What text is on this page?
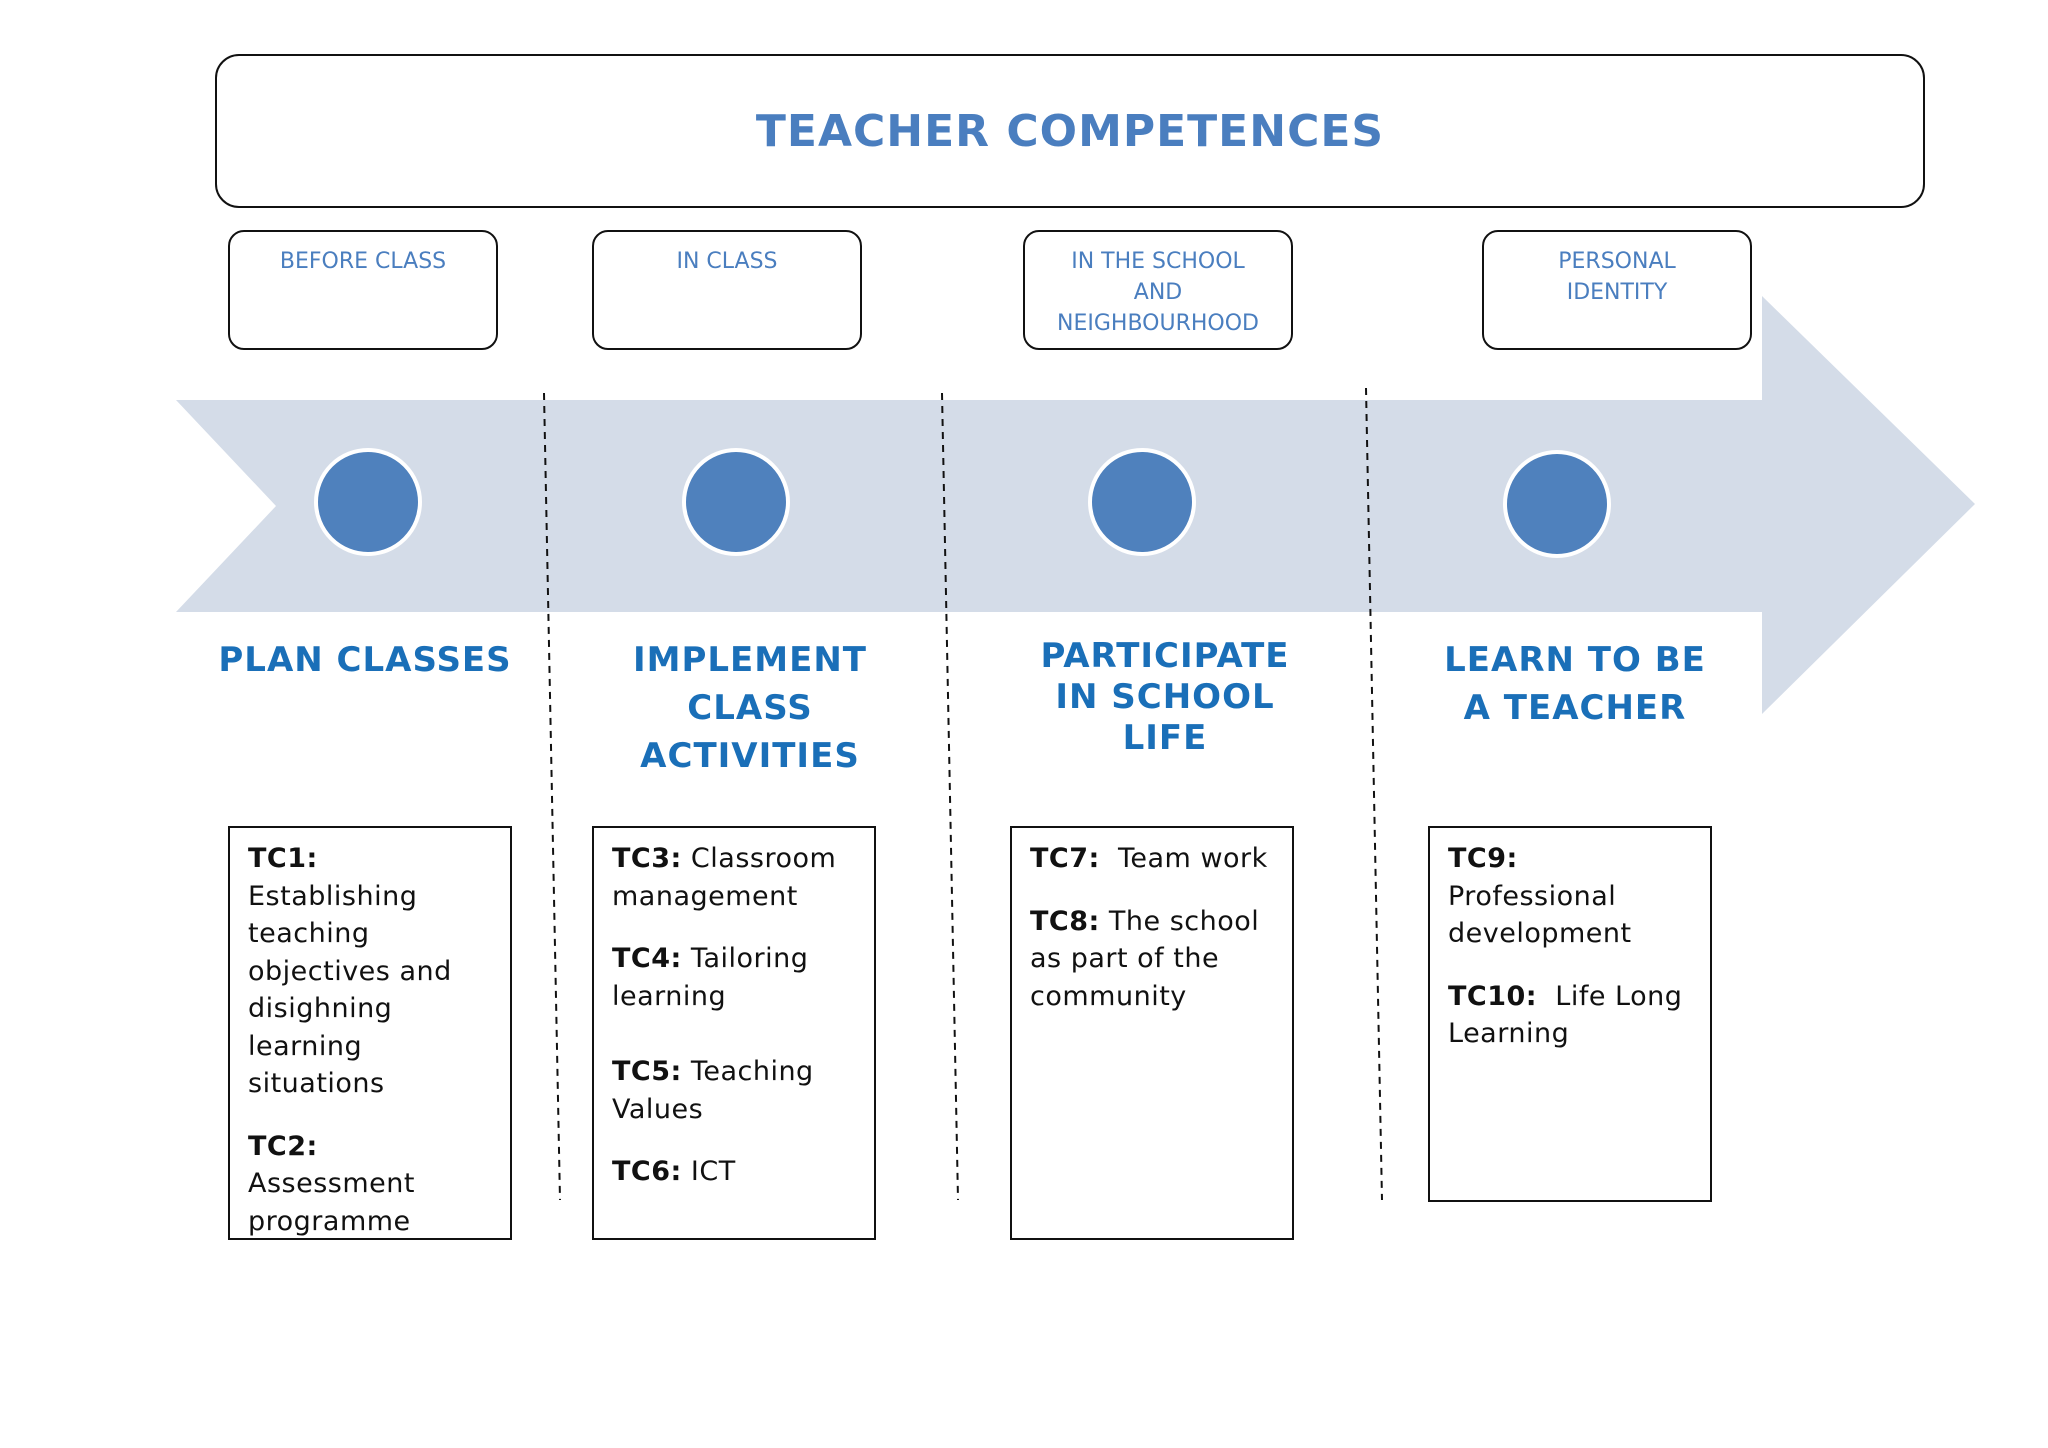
TEACHER COMPETENCES
BEFORE CLASS	IN CLASS	IN THE SCHOOL
AND
NEIGHBOURHOOD
PERSONAL
IDENTITY
PLAN CLASSES	IMPLEMENT
CLASS
ACTIVITIES
PARTICIPATE
IN SCHOOL
LIFE
LEARN TO BE
A TEACHER
TC1:
Establishing teaching objectives and disighning learning situations
TC2: Assessment programme
TC3: Classroom management
TC4: Tailoring learning
TC5: Teaching Values
TC6: ICT
TC7: Team work
TC8: The school as part of the community
TC9: Professional development
TC10: Life Long Learning
